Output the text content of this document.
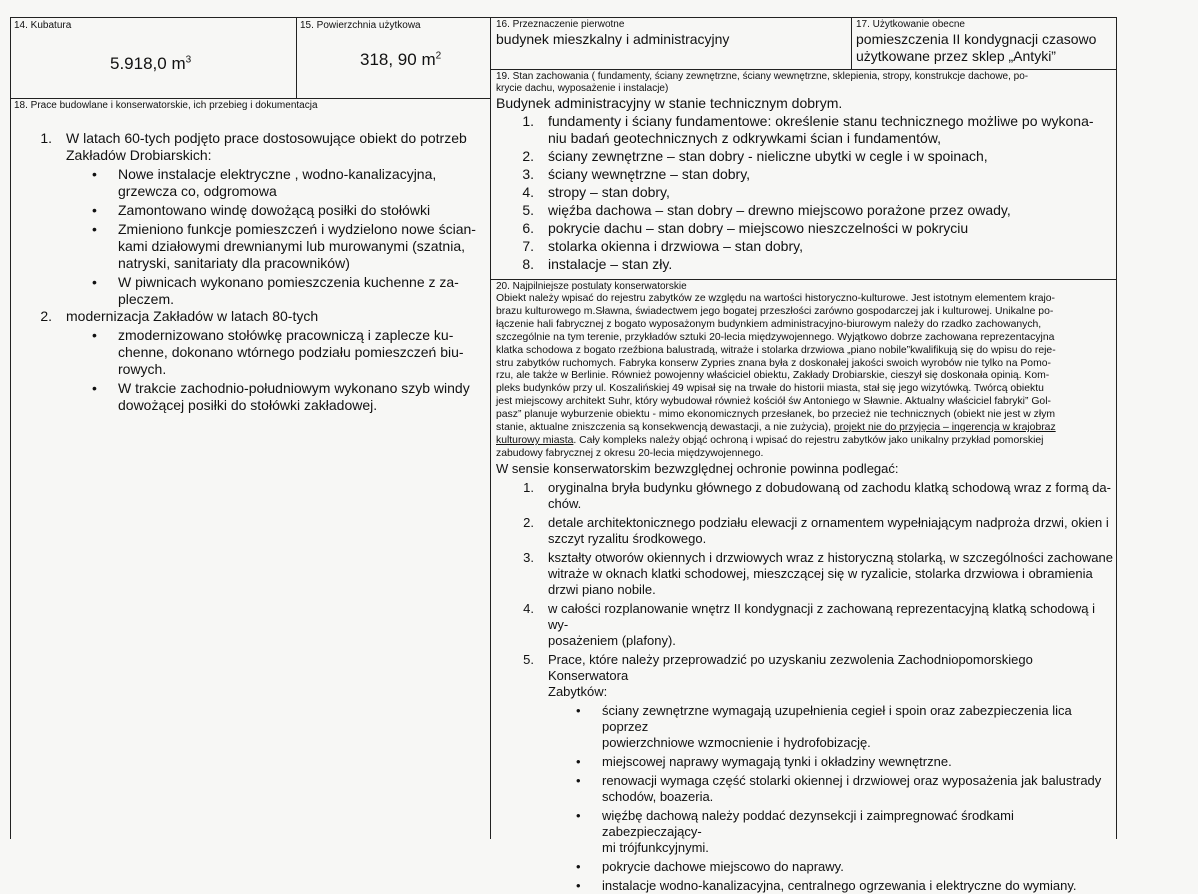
14. Kubatura
5.918,0 $m^3$
15. Powierzchnia użytkowa
318, 90 $m^2$
16. Przeznaczenie pierwotne
budynek mieszkalny i administracyjny
17. Użytkowanie obecne
pomieszczenia II kondygnacji czasowo
użytkowane przez sklep „Antyki”
18. Prace budowlane i konserwatorskie, ich przebieg i dokumentacja
1. W latach 60-tych podjęto prace dostosowujące obiekt do potrzeb
Zakładów Drobiarskich:
• Nowe instalacje elektryczne , wodno-kanalizacyjna,
grzewcza co, odgromowa
• Zamontowano windę dowożącą posiłki do stołówki
• Zmieniono funkcje pomieszczeń i wydzielono nowe ścian-
kami działowymi drewnianymi lub murowanymi (szatnia,
natryski, sanitariaty dla pracowników)
• W piwnicach wykonano pomieszczenia kuchenne z za-
pleczem.
2. modernizacja Zakładów w latach 80-tych
• zmodernizowano stołówkę pracowniczą i zaplecze ku-
chenne, dokonano wtórnego podziału pomieszczeń biu-
rowych.
• W trakcie zachodnio-południowym wykonano szyb windy
dowożącej posiłki do stołówki zakładowej.
19. Stan zachowania ( fundamenty, ściany zewnętrzne, ściany wewnętrzne, sklepienia, stropy, konstrukcje dachowe, po-
krycie dachu, wyposażenie i instalacje)
Budynek administracyjny w stanie technicznym dobrym.
1. fundamenty i ściany fundamentowe: określenie stanu technicznego możliwe po wykona-
niu badań geotechnicznych z odkrywkami ścian i fundamentów,
2. ściany zewnętrzne – stan dobry - nieliczne ubytki w cegle i w spoinach,
3. ściany wewnętrzne – stan dobry,
4. stropy – stan dobry,
5. więźba dachowa – stan dobry – drewno miejscowo porażone przez owady,
6. pokrycie dachu – stan dobry – miejscowo nieszczelności w pokryciu
7. stolarka okienna i drzwiowa – stan dobry,
8. instalacje – stan zły.
20. Najpilniejsze postulaty konserwatorskie
Obiekt należy wpisać do rejestru zabytków ze względu na wartości historyczno-kulturowe. Jest istotnym elementem krajo-
brazu kulturowego m.Sławna, świadectwem jego bogatej przeszłości zarówno gospodarczej jak i kulturowej. Unikalne po-
łączenie hali fabrycznej z bogato wyposażonym budynkiem administracyjno-biurowym należy do rzadko zachowanych,
szczególnie na tym terenie, przykładów sztuki 20-lecia międzywojennego. Wyjątkowo dobrze zachowana reprezentacyjna
klatka schodowa z bogato rzeźbiona balustradą, witraże i stolarka drzwiowa „piano nobile”kwalifikują się do wpisu do reje-
stru zabytków ruchomych. Fabryka konserw Zypries znana była z doskonałej jakości swoich wyrobów nie tylko na Pomo-
rzu, ale także w Berlinie. Również powojenny właściciel obiektu, Zakłady Drobiarskie, cieszył się doskonała opinią. Kom-
pleks budynków przy ul. Koszalińskiej 49 wpisał się na trwałe do historii miasta, stał się jego wizytówką. Twórcą obiektu
jest miejscowy architekt Suhr, który wybudował również kościół św Antoniego w Sławnie. Aktualny właściciel fabryki” Gol-
pasz” planuje wyburzenie obiektu - mimo ekonomicznych przesłanek, bo przecież nie technicznych (obiekt nie jest w złym
stanie, aktualne zniszczenia są konsekwencją dewastacji, a nie zużycia), projekt nie do przyjęcia – ingerencja w krajobraz
kulturowy miasta. Cały kompleks należy objąć ochroną i wpisać do rejestru zabytków jako unikalny przykład pomorskiej
zabudowy fabrycznej z okresu 20-lecia międzywojennego.
W sensie konserwatorskim bezwzględnej ochronie powinna podlegać:
1. oryginalna bryła budynku głównego z dobudowaną od zachodu klatką schodową wraz z formą da-
chów.
2. detale architektonicznego podziału elewacji z ornamentem wypełniającym nadproża drzwi, okien i
szczyt ryzalitu środkowego.
3. kształty otworów okiennych i drzwiowych wraz z historyczną stolarką, w szczególności zachowane
witraże w oknach klatki schodowej, mieszczącej się w ryzalicie, stolarka drzwiowa i obramienia
drzwi piano nobile.
4. w całości rozplanowanie wnętrz II kondygnacji z zachowaną reprezentacyjną klatką schodową i wy-
posażeniem (plafony).
5. Prace, które należy przeprowadzić po uzyskaniu zezwolenia Zachodniopomorskiego Konserwatora
Zabytków:
• ściany zewnętrzne wymagają uzupełnienia cegieł i spoin oraz zabezpieczenia lica poprzez
powierzchniowe wzmocnienie i hydrofobizację.
• miejscowej naprawy wymagają tynki i okładziny wewnętrzne.
• renowacji wymaga część stolarki okiennej i drzwiowej oraz wyposażenia jak balustrady
schodów, boazeria.
• więźbę dachową należy poddać dezynsekcji i zaimpregnować środkami zabezpieczający-
mi trójfunkcyjnymi.
• pokrycie dachowe miejscowo do naprawy.
• instalacje wodno-kanalizacyjna, centralnego ogrzewania i elektryczne do wymiany.
